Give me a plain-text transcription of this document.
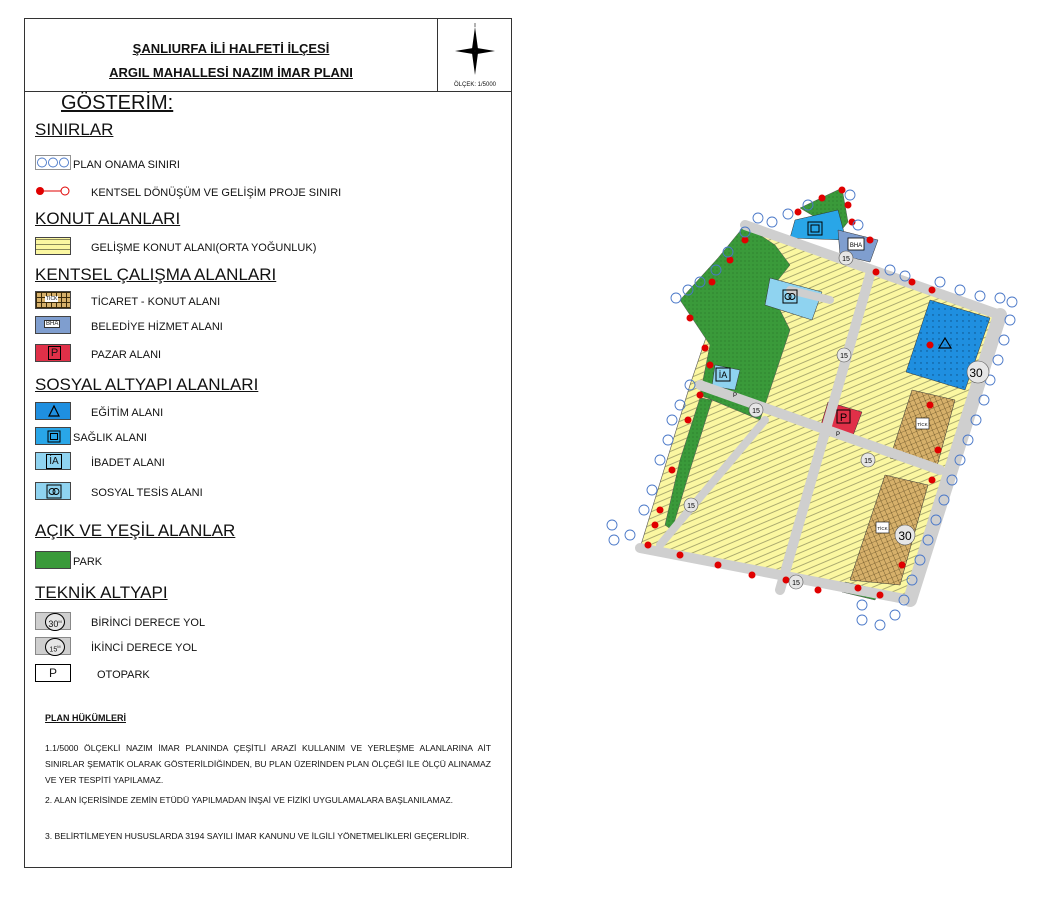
ŞANLIURFA İLİ HALFETİ İLÇESİ
ARGIL MAHALLESİ NAZIM İMAR PLANI
ÖLÇEK: 1/5000
GÖSTERİM:
SINIRLAR
PLAN ONAMA SINIRI
KENTSEL DÖNÜŞÜM VE GELİŞİM PROJE SINIRI
KONUT ALANLARI
GELİŞME KONUT ALANI(ORTA YOĞUNLUK)
KENTSEL ÇALIŞMA ALANLARI
TİCK	TİCARET - KONUT ALANI
BHA	BELEDİYE HİZMET ALANI
P	PAZAR ALANI
SOSYAL ALTYAPI ALANLARI
EĞİTİM ALANI
SAĞLIK ALANI
İA	İBADET ALANI
SOSYAL TESİS ALANI
AÇIK VE YEŞİL ALANLAR
PARK
TEKNİK ALTYAPI
$30^M$	BİRİNCİ DERECE YOL
$15^M$	İKİNCİ DERECE YOL
P	OTOPARK
PLAN HÜKÜMLERİ
1.1/5000 ÖLÇEKLİ NAZIM İMAR PLANINDA ÇEŞİTLİ ARAZİ KULLANIM VE YERLEŞME ALANLARINA AİT SINIRLAR ŞEMATİK OLARAK GÖSTERİLDİĞİNDEN, BU PLAN ÜZERİNDEN PLAN ÖLÇEĞİ İLE ÖLÇÜ ALINAMAZ VE YER TESPİTİ YAPILAMAZ.
2. ALAN İÇERİSİNDE ZEMİN ETÜDÜ YAPILMADAN İNŞAİ VE FİZİKİ UYGULAMALARA BAŞLANILAMAZ.
3. BELİRTİLMEYEN HUSUSLARDA 3194 SAYILI İMAR KANUNU VE İLGİLİ YÖNETMELİKLERİ GEÇERLİDİR.
BHA
İA
P
P
P
TİCK
TİCK
15
15
15
15
15
15
30
30
